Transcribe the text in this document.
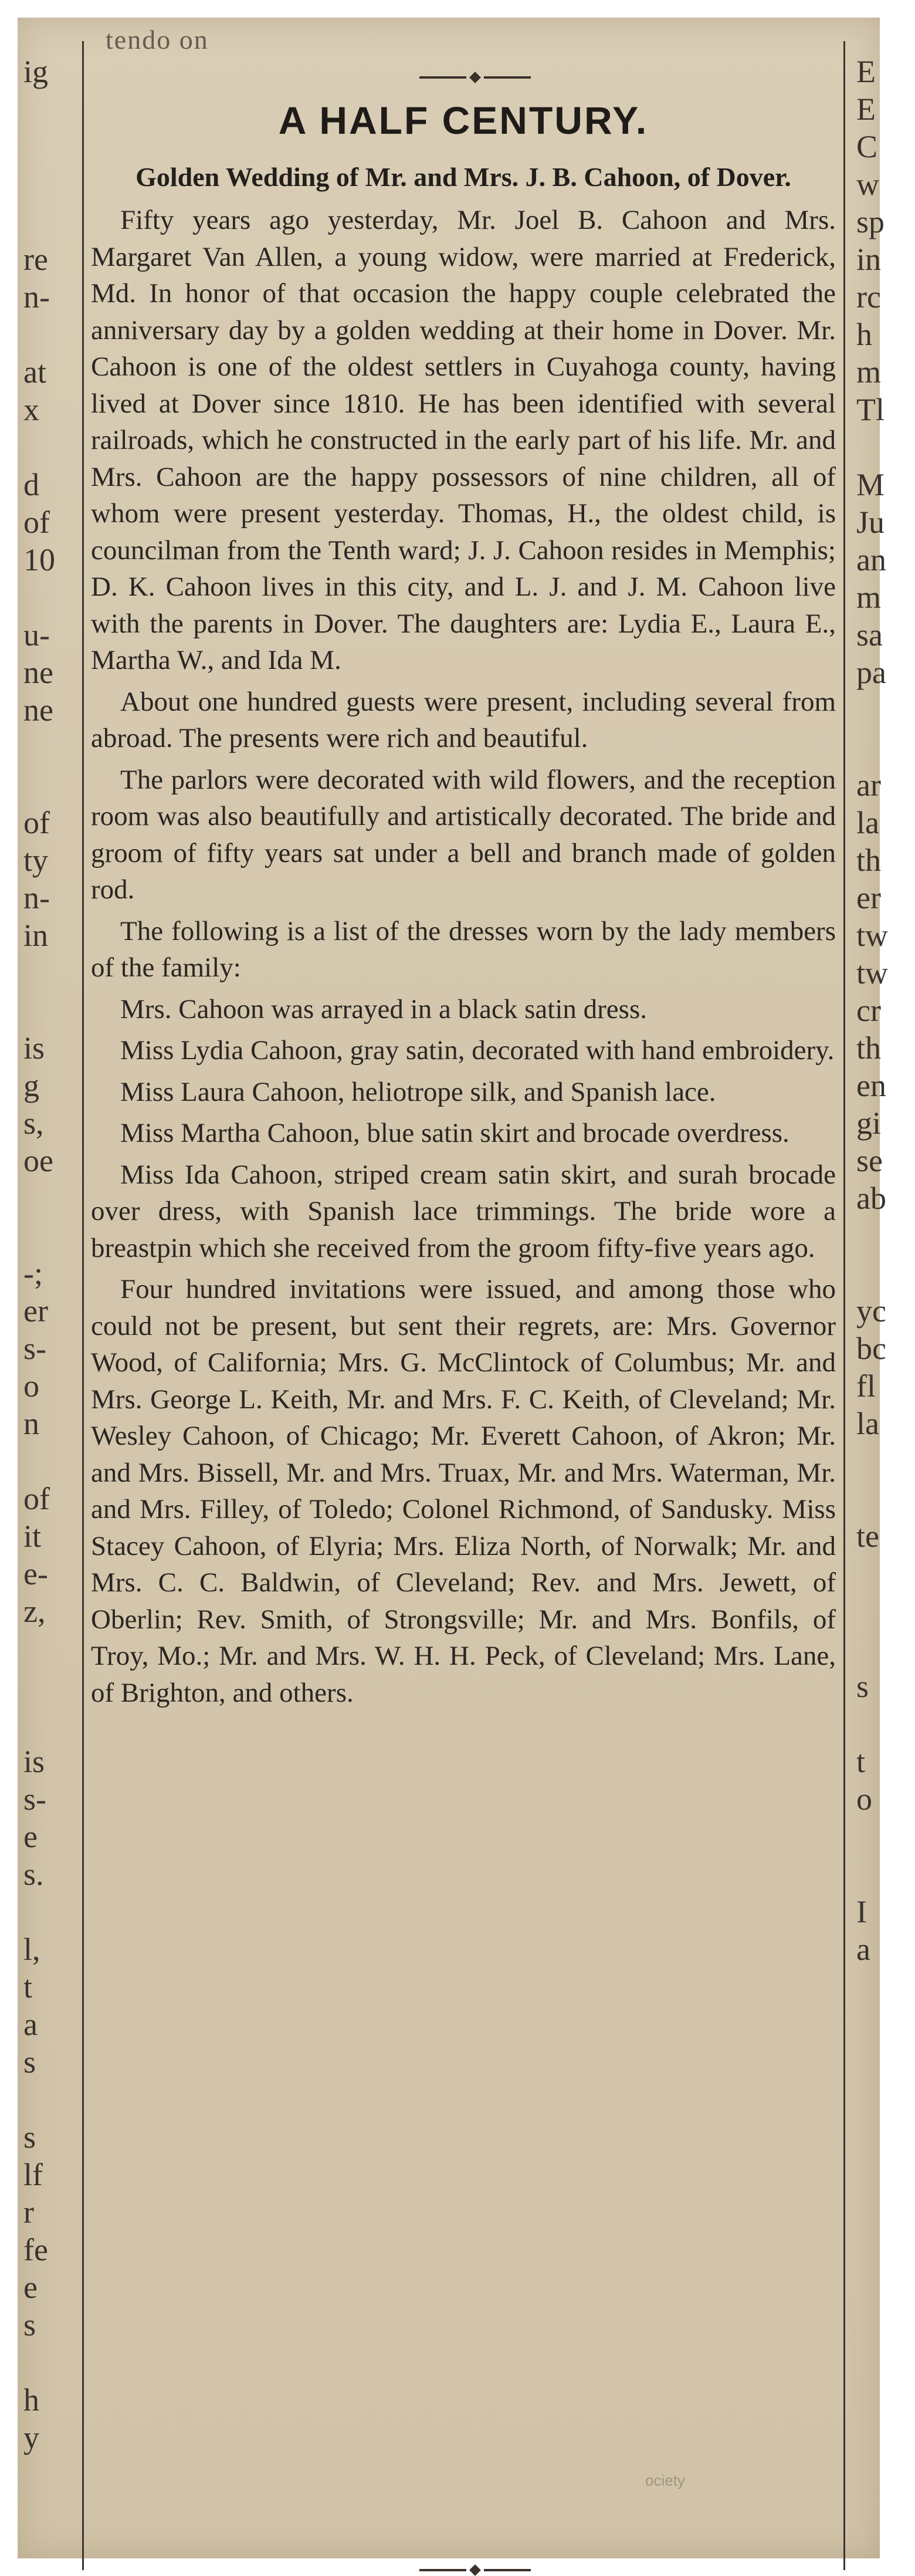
tendo on
ig

re
n-

at
x

d
of
10

u-
ne
ne

of
ty
n-
in

is
g
s,
oe

-;
er
s-
o
n

of
it
e-
z,

is
s-
e
s.

l,
t
a
s

s
lf
r
fe
e
s

h
y
E
E
C
w
sp
in
rc
h
m
Tl

M
Ju
an
m
sa
pa

ar
la
th
er
tw
tw
cr
th
en
gi
se
ab

yc
bc
fl
la

te

s

t
o

I
a

A HALF CENTURY.
Golden Wedding of Mr. and Mrs. J. B. Cahoon, of Dover.

Fifty years ago yesterday, Mr. Joel B. Cahoon and Mrs. Margaret Van Allen, a young widow, were married at Frederick, Md. In honor of that occasion the happy couple celebrated the anniversary day by a golden wedding at their home in Dover. Mr. Cahoon is one of the oldest settlers in Cuyahoga county, having lived at Dover since 1810. He has been identified with several railroads, which he constructed in the early part of his life. Mr. and Mrs. Cahoon are the happy possessors of nine children, all of whom were present yesterday. Thomas, H., the oldest child, is councilman from the Tenth ward; J. J. Cahoon resides in Memphis; D. K. Cahoon lives in this city, and L. J. and J. M. Cahoon live with the parents in Dover. The daughters are: Lydia E., Laura E., Martha W., and Ida M.

About one hundred guests were present, including several from abroad. The presents were rich and beautiful.

The parlors were decorated with wild flowers, and the reception room was also beautifully and artistically decorated. The bride and groom of fifty years sat under a bell and branch made of golden rod.

The following is a list of the dresses worn by the lady members of the family:

Mrs. Cahoon was arrayed in a black satin dress.

Miss Lydia Cahoon, gray satin, decorated with hand embroidery.

Miss Laura Cahoon, heliotrope silk, and Spanish lace.

Miss Martha Cahoon, blue satin skirt and brocade overdress.

Miss Ida Cahoon, striped cream satin skirt, and surah brocade over dress, with Spanish lace trimmings. The bride wore a breastpin which she received from the groom fifty-five years ago.

Four hundred invitations were issued, and among those who could not be present, but sent their regrets, are: Mrs. Governor Wood, of California; Mrs. G. McClintock of Columbus; Mr. and Mrs. George L. Keith, Mr. and Mrs. F. C. Keith, of Cleveland; Mr. Wesley Cahoon, of Chicago; Mr. Everett Cahoon, of Akron; Mr. and Mrs. Bissell, Mr. and Mrs. Truax, Mr. and Mrs. Waterman, Mr. and Mrs. Filley, of Toledo; Colonel Richmond, of Sandusky. Miss Stacey Cahoon, of Elyria; Mrs. Eliza North, of Norwalk; Mr. and Mrs. C. C. Baldwin, of Cleveland; Rev. and Mrs. Jewett, of Oberlin; Rev. Smith, of Strongsville; Mr. and Mrs. Bonfils, of Troy, Mo.; Mr. and Mrs. W. H. H. Peck, of Cleveland; Mrs. Lane, of Brighton, and others.

ociety
